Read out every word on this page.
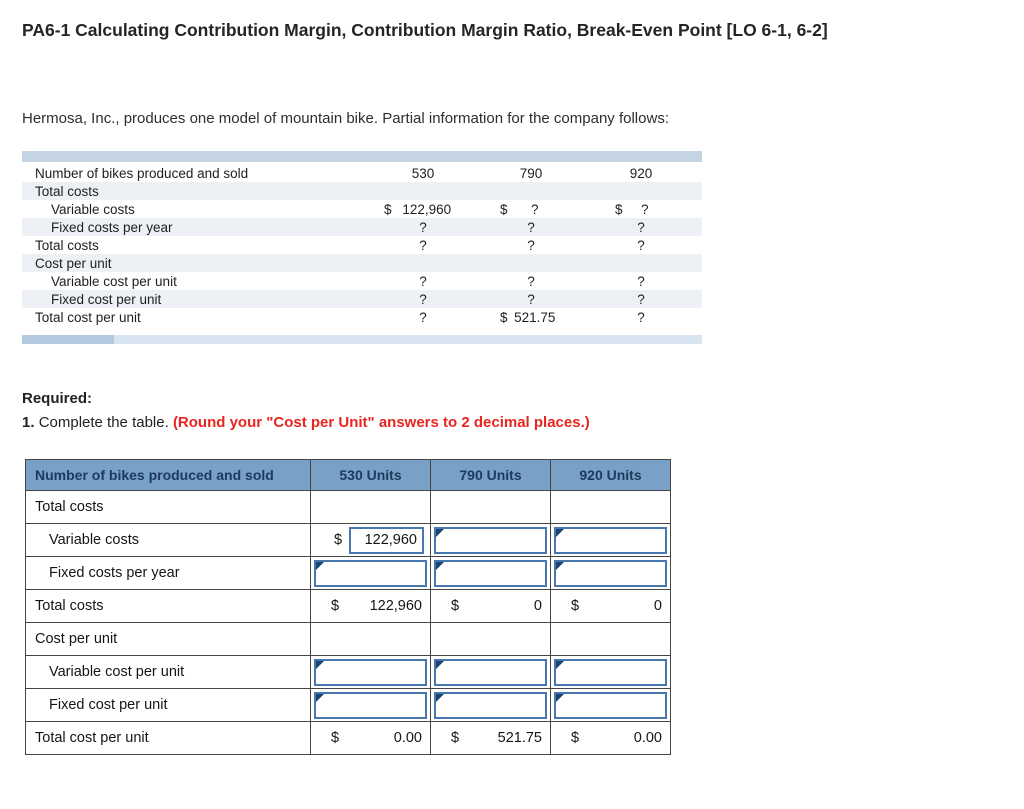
PA6-1 Calculating Contribution Margin, Contribution Margin Ratio, Break-Even Point [LO 6-1, 6-2]
Hermosa, Inc., produces one model of mountain bike. Partial information for the company follows:
Number of bikes produced and sold	530	790	920
Total costs
Variable costs	$ 122,960	$	?	$	?
Fixed costs per year	?	?	?
Total costs	?	?	?
Cost per unit
Variable cost per unit	?	?	?
Fixed cost per unit	?	?	?
Total cost per unit	?	$ 521.75	?
Required:
1. Complete the table. (Round your "Cost per Unit" answers to 2 decimal places.)
Number of bikes produced and sold	530 Units	790 Units	920 Units
Total costs			
Variable costs	$ 122,960		

Fixed costs per year	

Total costs	$ 122,960	$ 0	$ 0

Cost per unit			
Variable cost per unit	

Fixed cost per unit	

Total cost per unit	$ 0.00	$ 521.75	$ 0.00
